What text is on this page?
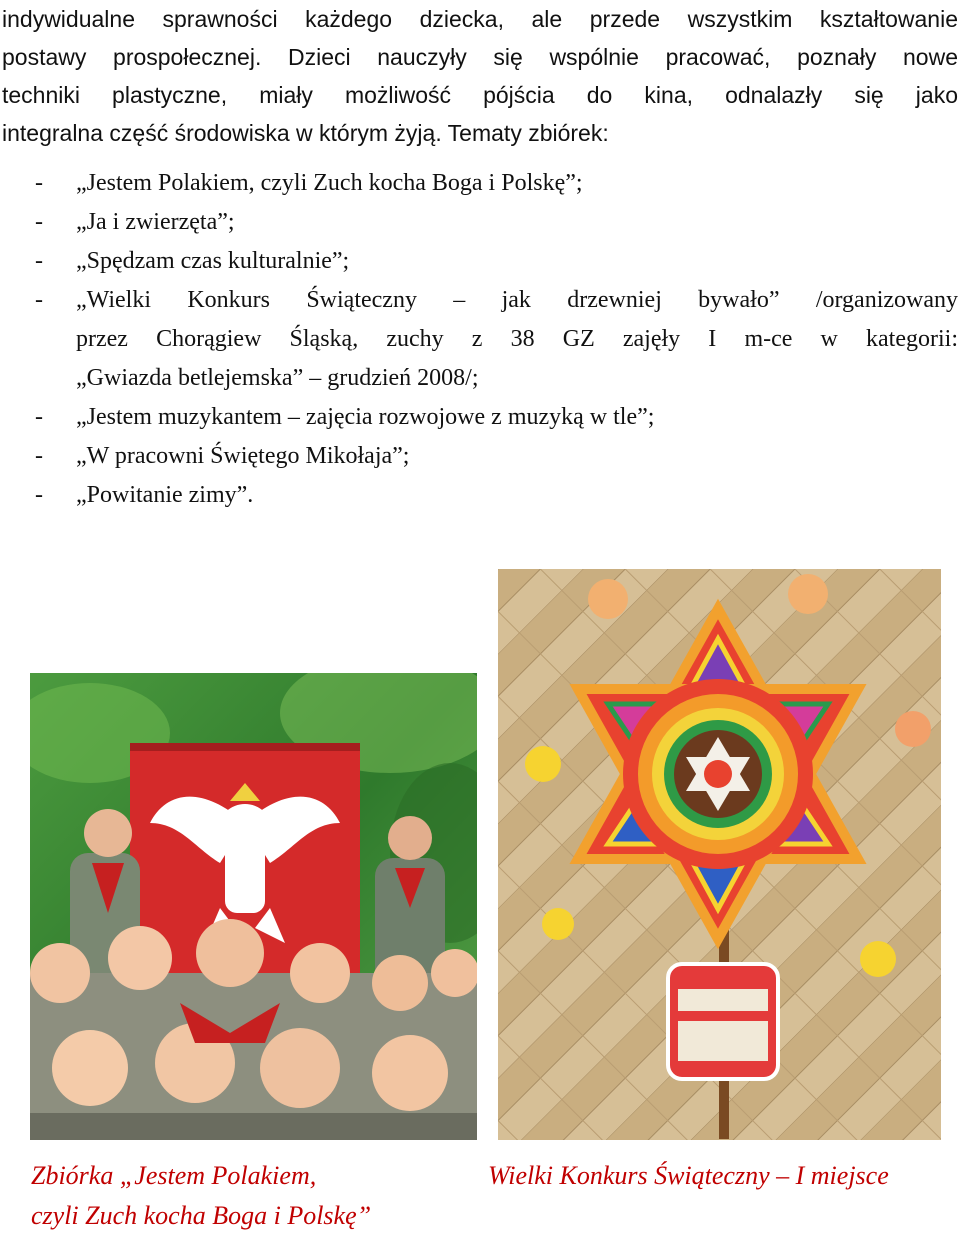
indywidualne sprawności każdego dziecka, ale przede wszystkim kształtowanie
postawy prospołecznej. Dzieci nauczyły się wspólnie pracować, poznały nowe
techniki plastyczne, miały możliwość pójścia do kina, odnalazły się jako
integralna część środowiska w którym żyją. Tematy zbiórek:

- „Jestem Polakiem, czyli Zuch kocha Boga i Polskę”;
- „Ja i zwierzęta”;
- „Spędzam czas kulturalnie”;
- „Wielki Konkurs Świąteczny – jak drzewniej bywało” /organizowany
przez Chorągiew Śląską, zuchy z 38 GZ zajęły I m-ce w kategorii:
„Gwiazda betlejemska” – grudzień 2008/;
- „Jestem muzykantem – zajęcia rozwojowe z muzyką w tle”;
- „W pracowni Świętego Mikołaja”;
- „Powitanie zimy”.

Zbiórka „Jestem Polakiem,
czyli Zuch kocha Boga i Polskę”

Wielki Konkurs Świąteczny – I miejsce
